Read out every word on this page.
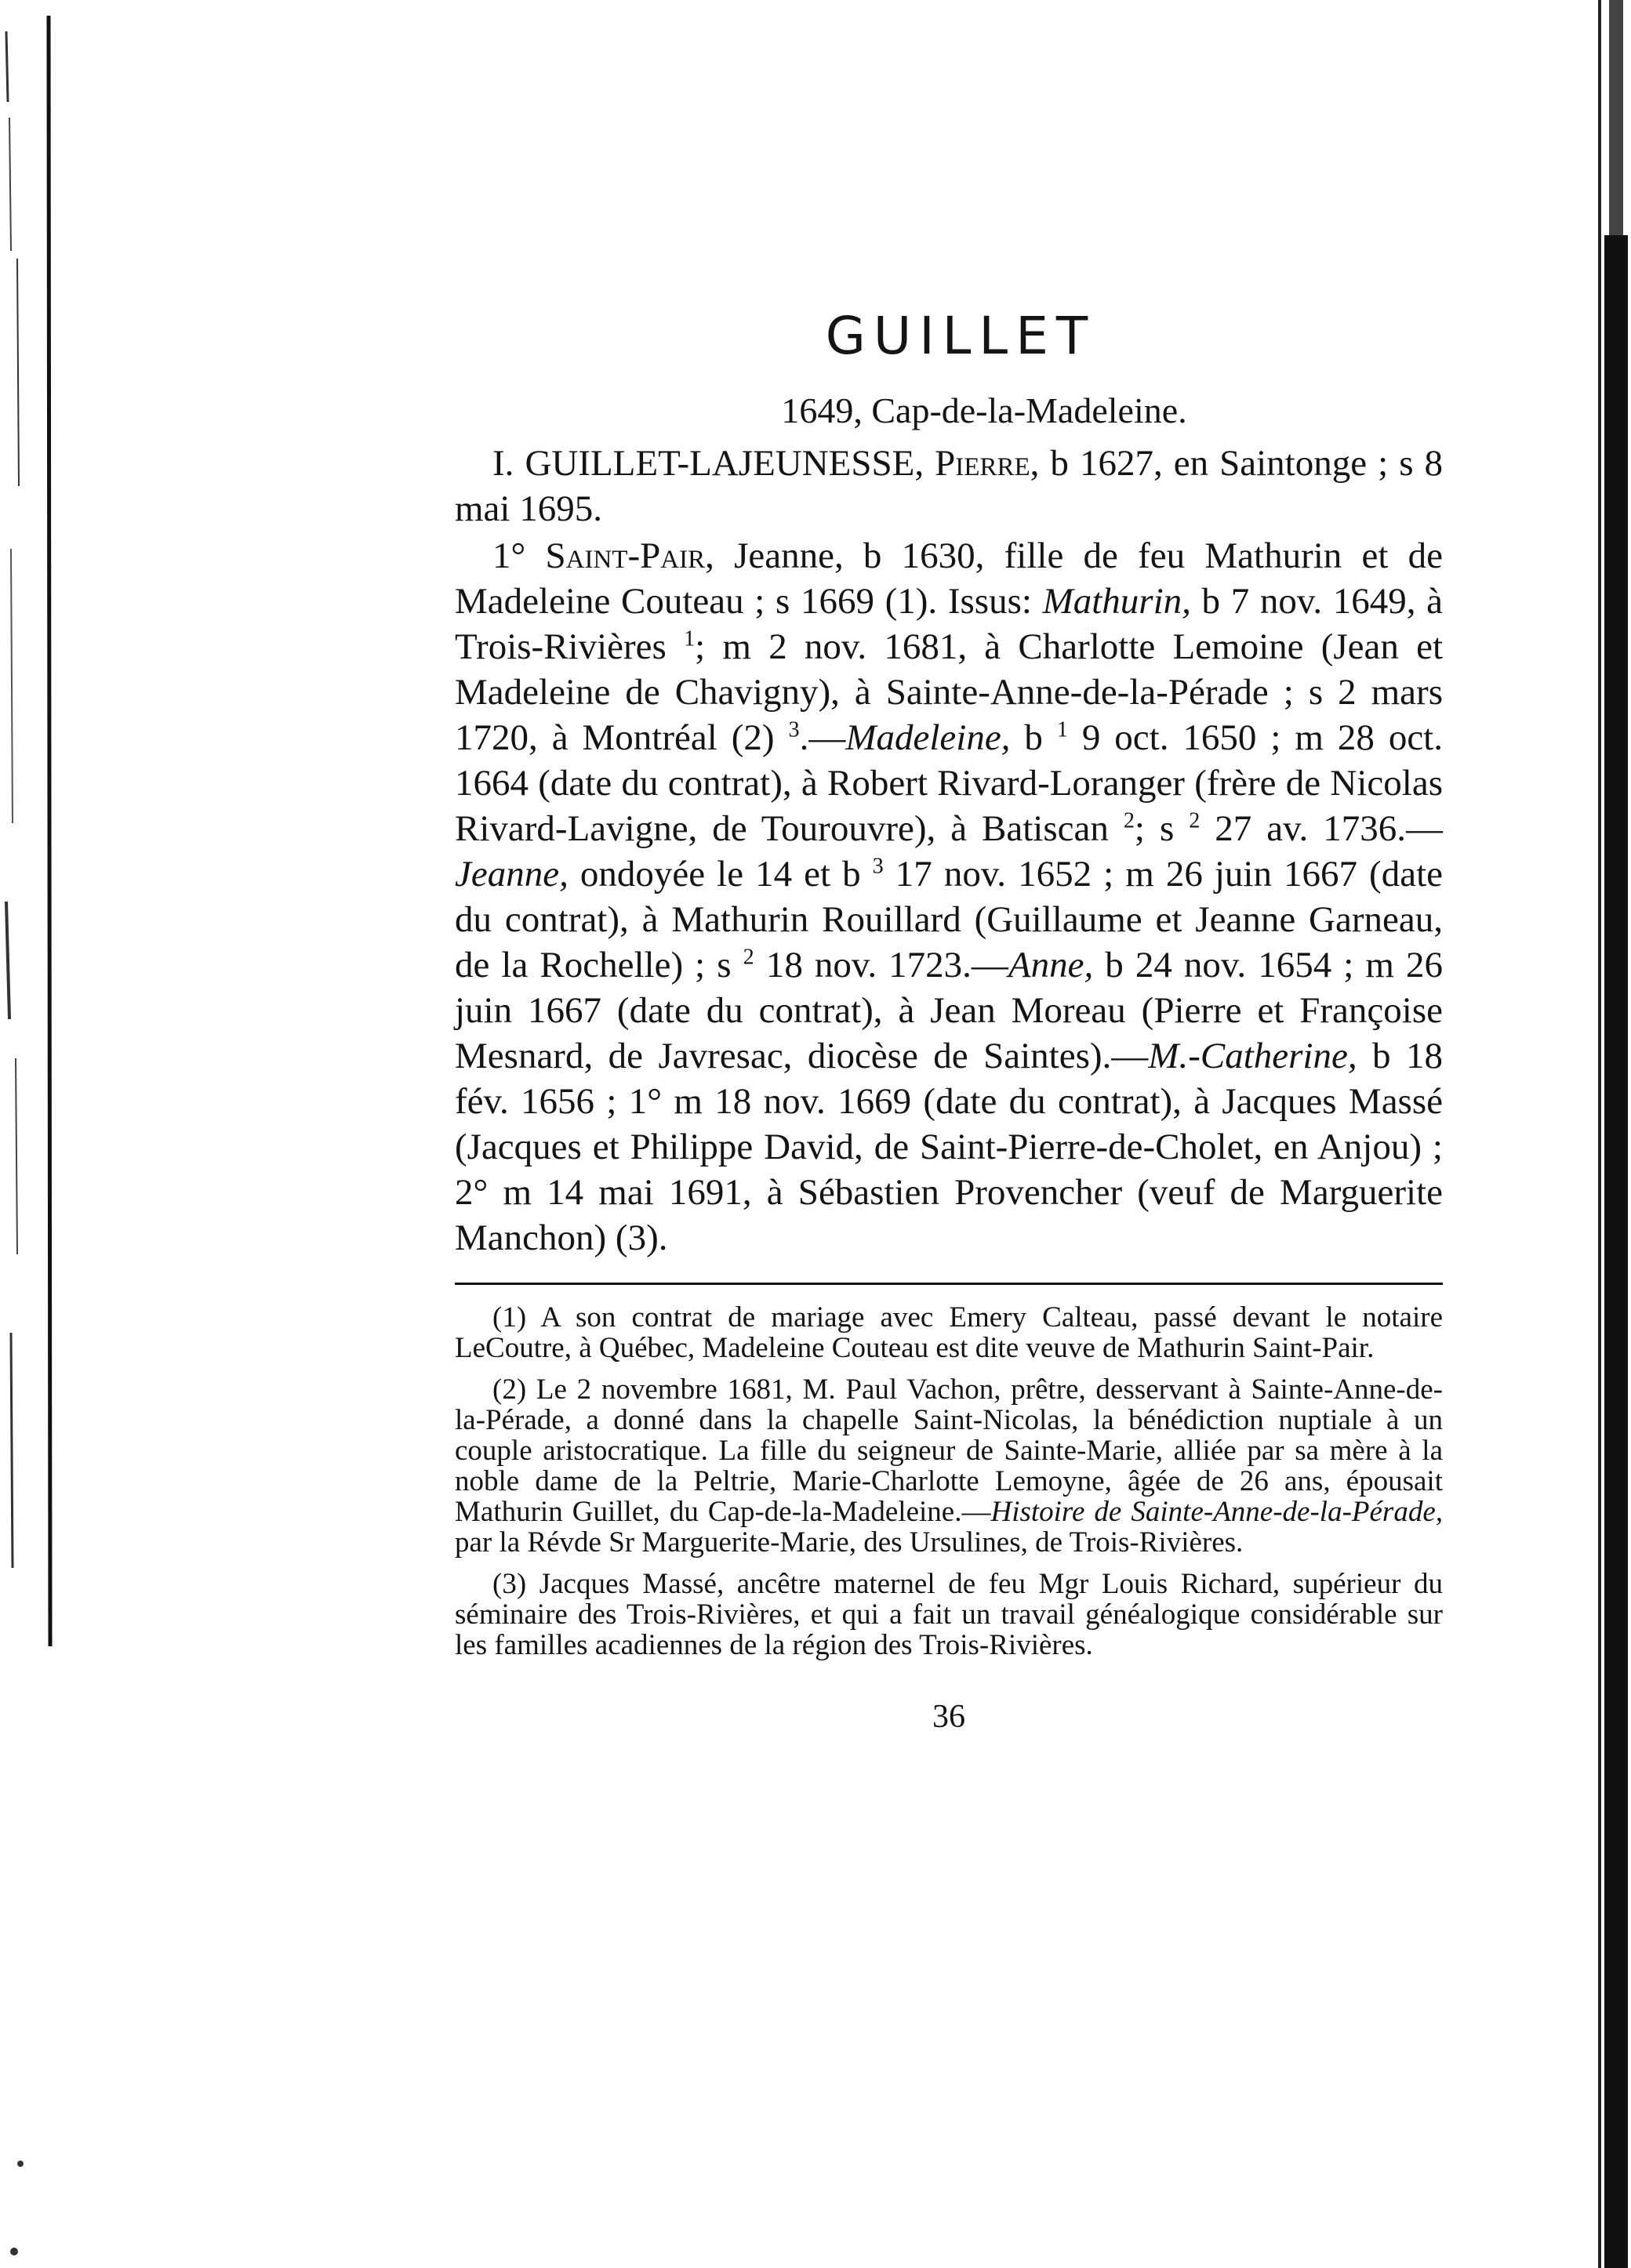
GUILLET
1649, Cap-de-la-Madeleine.

I. GUILLET-LAJEUNESSE, Pierre, b 1627, en Saintonge ; s 8 mai 1695.

1° Saint-Pair, Jeanne, b 1630, fille de feu Mathurin et de Madeleine Couteau ; s 1669 (1). Issus: Mathurin, b 7 nov. 1649, à Trois-Rivières $^1$; m 2 nov. 1681, à Charlotte Lemoine (Jean et Madeleine de Chavigny), à Sainte-Anne-de-la-Pérade ; s 2 mars 1720, à Montréal (2) $^3$.—Madeleine, b $^1$ 9 oct. 1650 ; m 28 oct. 1664 (date du contrat), à Robert Rivard-Loranger (frère de Nicolas Rivard-Lavigne, de Tourouvre), à Batiscan $^2$; s $^2$ 27 av. 1736.—Jeanne, ondoyée le 14 et b $^3$ 17 nov. 1652 ; m 26 juin 1667 (date du contrat), à Mathurin Rouillard (Guillaume et Jeanne Garneau, de la Rochelle) ; s $^2$ 18 nov. 1723.—Anne, b 24 nov. 1654 ; m 26 juin 1667 (date du contrat), à Jean Moreau (Pierre et Françoise Mesnard, de Javresac, diocèse de Saintes).—M.-Catherine, b 18 fév. 1656 ; 1° m 18 nov. 1669 (date du contrat), à Jacques Massé (Jacques et Philippe David, de Saint-Pierre-de-Cholet, en Anjou) ; 2° m 14 mai 1691, à Sébastien Provencher (veuf de Marguerite Manchon) (3).

(1) A son contrat de mariage avec Emery Calteau, passé devant le notaire LeCoutre, à Québec, Madeleine Couteau est dite veuve de Mathurin Saint-Pair.

(2) Le 2 novembre 1681, M. Paul Vachon, prêtre, desservant à Sainte-Anne-de-la-Pérade, a donné dans la chapelle Saint-Nicolas, la bénédiction nuptiale à un couple aristocratique. La fille du seigneur de Sainte-Marie, alliée par sa mère à la noble dame de la Peltrie, Marie-Charlotte Lemoyne, âgée de 26 ans, épousait Mathurin Guillet, du Cap-de-la-Madeleine.—Histoire de Sainte-Anne-de-la-Pérade, par la Révde Sr Marguerite-Marie, des Ursulines, de Trois-Rivières.

(3) Jacques Massé, ancêtre maternel de feu Mgr Louis Richard, supérieur du séminaire des Trois-Rivières, et qui a fait un travail généalogique considérable sur les familles acadiennes de la région des Trois-Rivières.

36
